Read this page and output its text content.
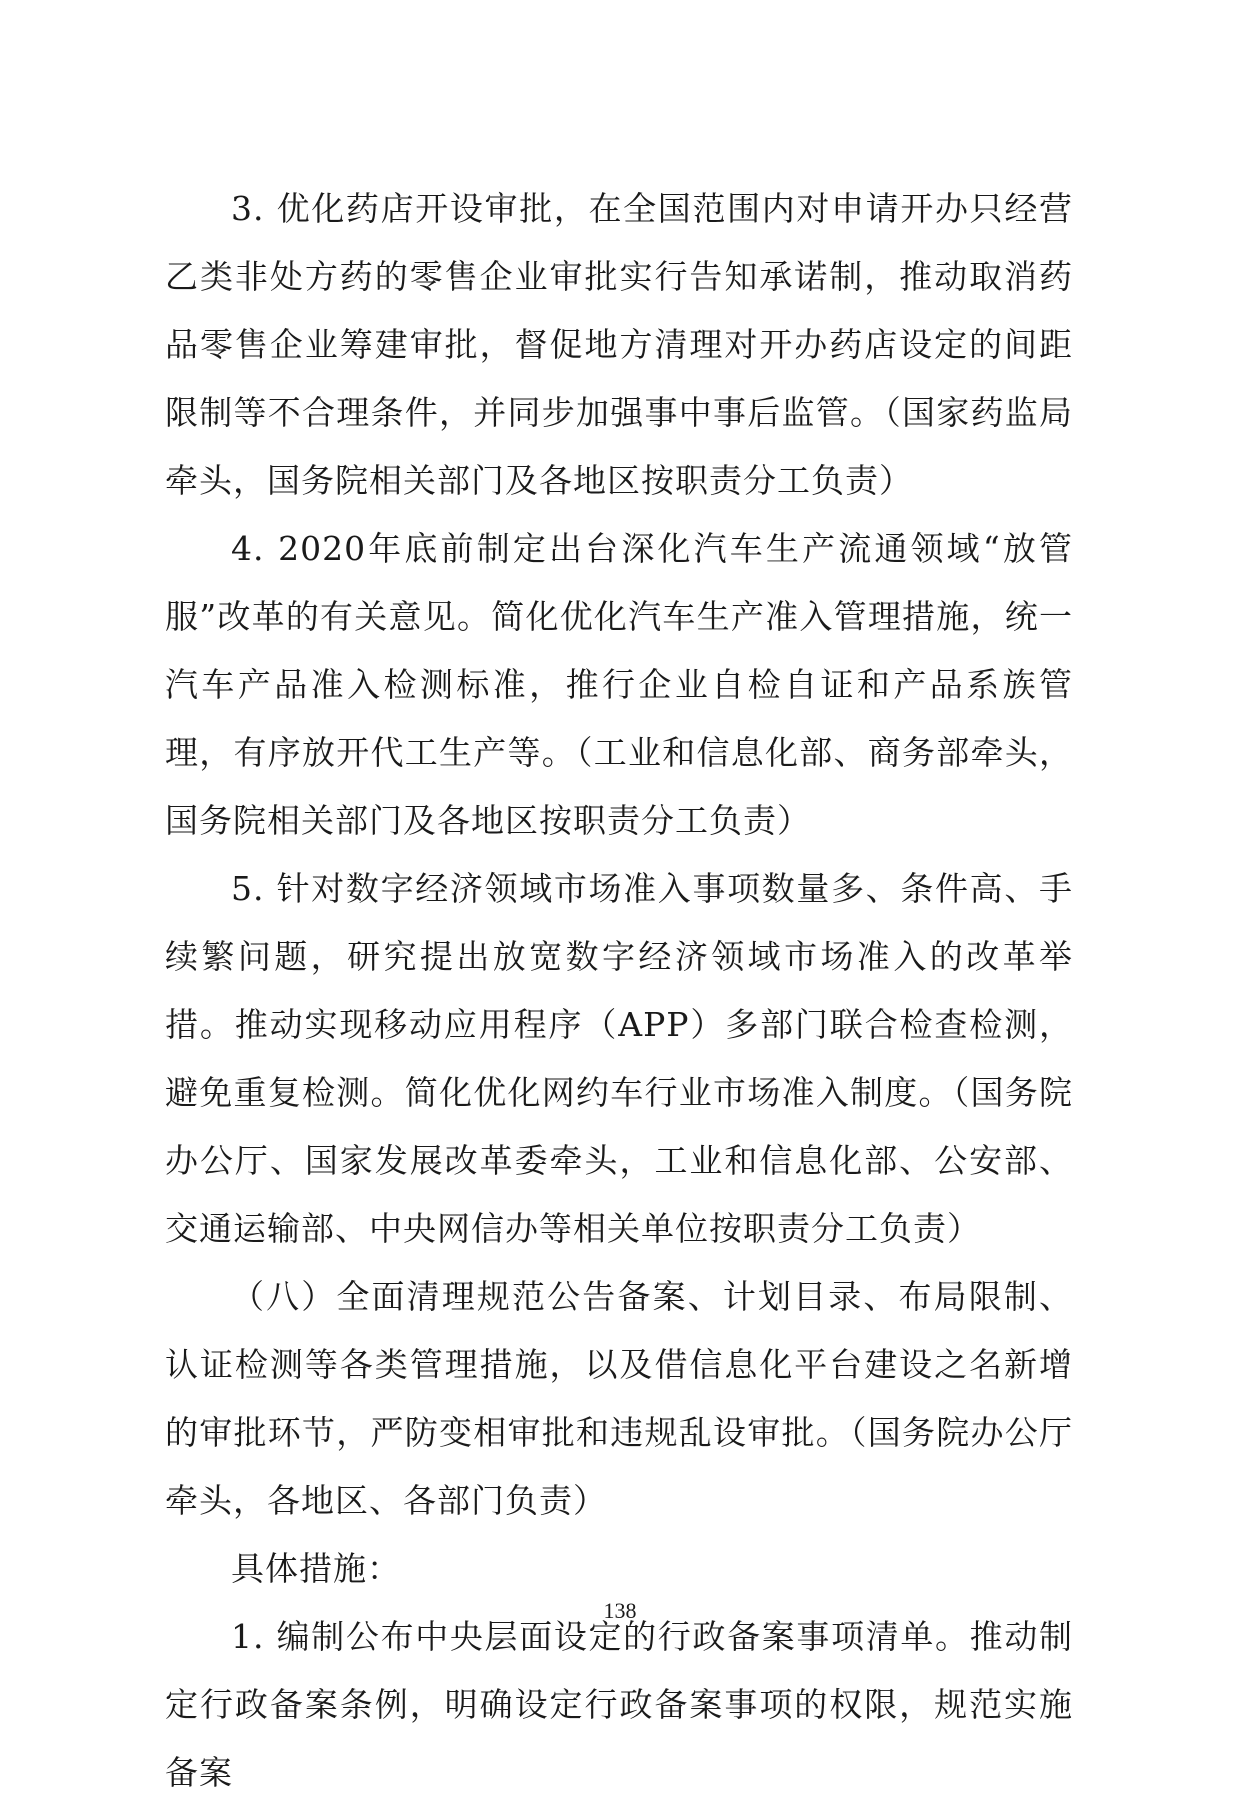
3. 优化药店开设审批，在全国范围内对申请开办只经营乙类非处方药的零售企业审批实行告知承诺制，推动取消药品零售企业筹建审批，督促地方清理对开办药店设定的间距限制等不合理条件，并同步加强事中事后监管。（国家药监局牵头，国务院相关部门及各地区按职责分工负责）

4. 2020年底前制定出台深化汽车生产流通领域“放管服”改革的有关意见。简化优化汽车生产准入管理措施，统一汽车产品准入检测标准，推行企业自检自证和产品系族管理，有序放开代工生产等。（工业和信息化部、商务部牵头，国务院相关部门及各地区按职责分工负责）

5. 针对数字经济领域市场准入事项数量多、条件高、手续繁问题，研究提出放宽数字经济领域市场准入的改革举措。推动实现移动应用程序（APP）多部门联合检查检测，避免重复检测。简化优化网约车行业市场准入制度。（国务院办公厅、国家发展改革委牵头，工业和信息化部、公安部、交通运输部、中央网信办等相关单位按职责分工负责）

（八）全面清理规范公告备案、计划目录、布局限制、认证检测等各类管理措施，以及借信息化平台建设之名新增的审批环节，严防变相审批和违规乱设审批。（国务院办公厅牵头，各地区、各部门负责）

具体措施：

1. 编制公布中央层面设定的行政备案事项清单。推动制定行政备案条例，明确设定行政备案事项的权限，规范实施备案

138
